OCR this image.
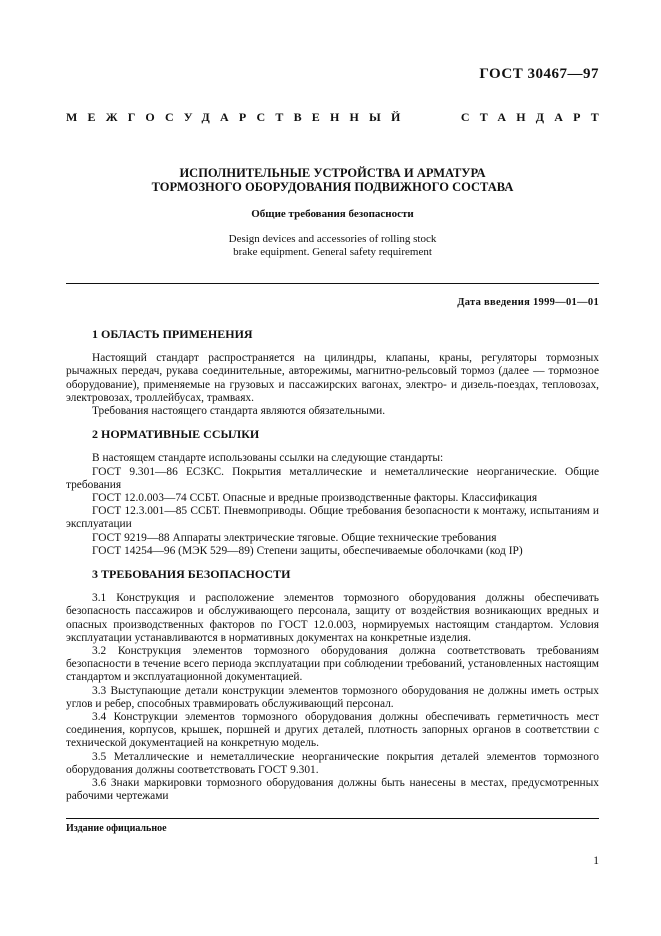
ГОСТ 30467—97
МЕЖГОСУДАРСТВЕННЫЙ	СТАНДАРТ
ИСПОЛНИТЕЛЬНЫЕ УСТРОЙСТВА И АРМАТУРА
ТОРМОЗНОГО ОБОРУДОВАНИЯ ПОДВИЖНОГО СОСТАВА
Общие требования безопасности
Design devices and accessories of rolling stock
brake equipment. General safety requirement
Дата введения 1999—01—01
1 ОБЛАСТЬ ПРИМЕНЕНИЯ

Настоящий стандарт распространяется на цилиндры, клапаны, краны, регуляторы тормозных рычажных передач, рукава соединительные, авторежимы, магнитно-рельсовый тормоз (далее — тормозное оборудование), применяемые на грузовых и пассажирских вагонах, электро- и дизель-поездах, тепловозах, электровозах, троллейбусах, трамваях.

Требования настоящего стандарта являются обязательными.

2 НОРМАТИВНЫЕ ССЫЛКИ

В настоящем стандарте использованы ссылки на следующие стандарты:

ГОСТ 9.301—86 ЕСЗКС. Покрытия металлические и неметаллические неорганические. Общие требования

ГОСТ 12.0.003—74 ССБТ. Опасные и вредные производственные факторы. Классификация

ГОСТ 12.3.001—85 ССБТ. Пневмоприводы. Общие требования безопасности к монтажу, испытаниям и эксплуатации

ГОСТ 9219—88 Аппараты электрические тяговые. Общие технические требования

ГОСТ 14254—96 (МЭК 529—89) Степени защиты, обеспечиваемые оболочками (код IP)

3 ТРЕБОВАНИЯ БЕЗОПАСНОСТИ

3.1 Конструкция и расположение элементов тормозного оборудования должны обеспечивать безопасность пассажиров и обслуживающего персонала, защиту от воздействия возникающих вредных и опасных производственных факторов по ГОСТ 12.0.003, нормируемых настоящим стандартом. Условия эксплуатации устанавливаются в нормативных документах на конкретные изделия.

3.2 Конструкция элементов тормозного оборудования должна соответствовать требованиям безопасности в течение всего периода эксплуатации при соблюдении требований, установленных настоящим стандартом и эксплуатационной документацией.

3.3 Выступающие детали конструкции элементов тормозного оборудования не должны иметь острых углов и ребер, способных травмировать обслуживающий персонал.

3.4 Конструкции элементов тормозного оборудования должны обеспечивать герметичность мест соединения, корпусов, крышек, поршней и других деталей, плотность запорных органов в соответствии с технической документацией на конкретную модель.

3.5 Металлические и неметаллические неорганические покрытия деталей элементов тормозного оборудования должны соответствовать ГОСТ 9.301.

3.6 Знаки маркировки тормозного оборудования должны быть нанесены в местах, предусмотренных рабочими чертежами

Издание официальное
1
